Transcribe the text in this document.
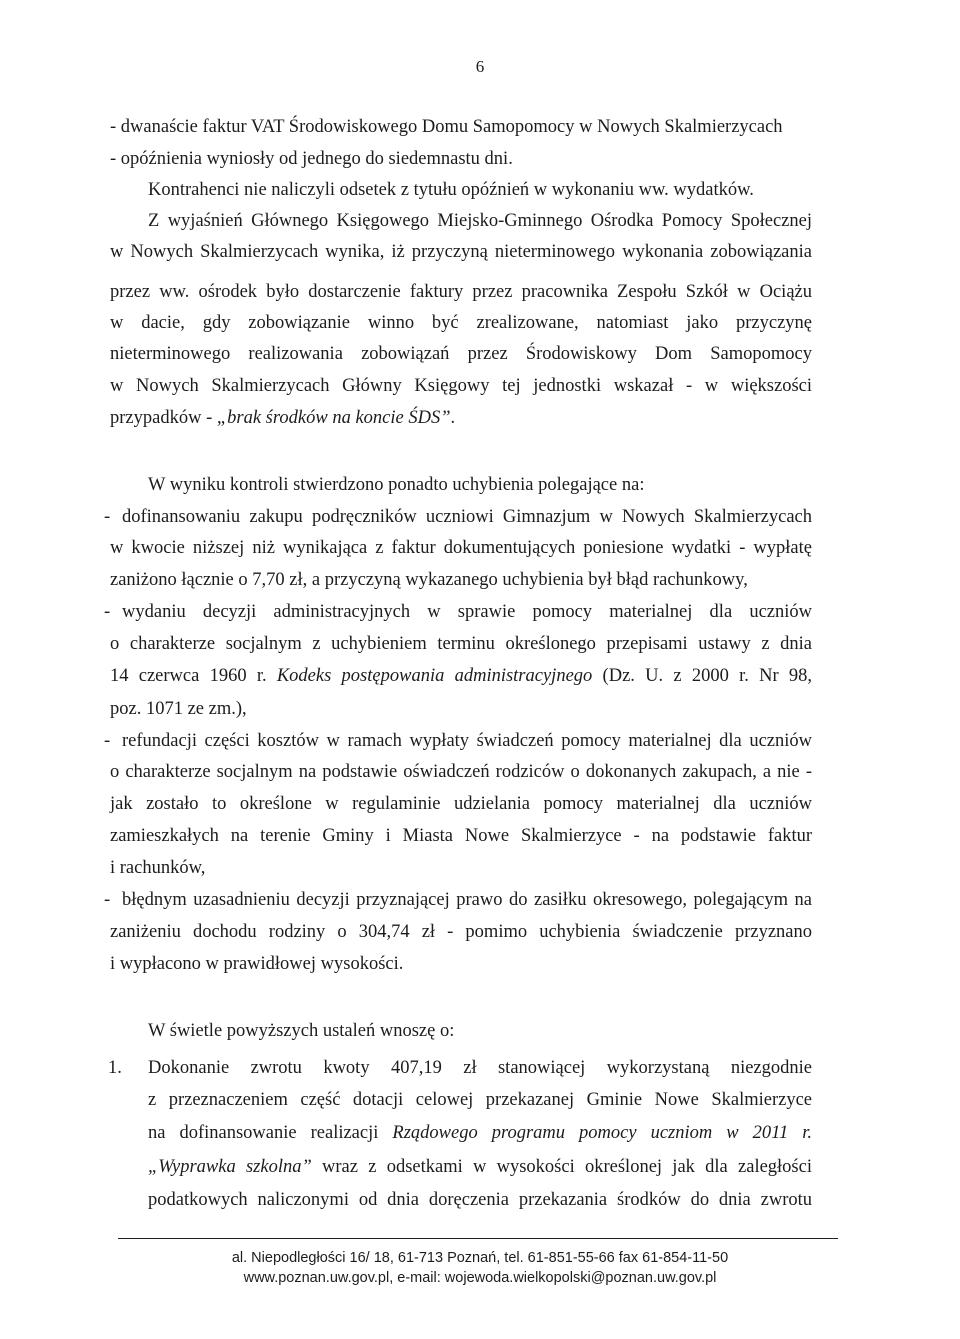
6
- dwanaście faktur VAT Środowiskowego Domu Samopomocy w Nowych Skalmierzycach
- opóźnienia wyniosły od jednego do siedemnastu dni.
Kontrahenci nie naliczyli odsetek z tytułu opóźnień w wykonaniu ww. wydatków.
Z wyjaśnień Głównego Księgowego Miejsko-Gminnego Ośrodka Pomocy Społecznej
w Nowych Skalmierzycach wynika, iż przyczyną nieterminowego wykonania zobowiązania
przez ww. ośrodek było dostarczenie faktury przez pracownika Zespołu Szkół w Ociążu
w dacie, gdy zobowiązanie winno być zrealizowane, natomiast jako przyczynę
nieterminowego realizowania zobowiązań przez Środowiskowy Dom Samopomocy
w Nowych Skalmierzycach Główny Księgowy tej jednostki wskazał - w większości
przypadków - „brak środków na koncie ŚDS”.
W wyniku kontroli stwierdzono ponadto uchybienia polegające na:
- dofinansowaniu zakupu podręczników uczniowi Gimnazjum w Nowych Skalmierzycach
w kwocie niższej niż wynikająca z faktur dokumentujących poniesione wydatki - wypłatę
zaniżono łącznie o 7,70 zł, a przyczyną wykazanego uchybienia był błąd rachunkowy,
- wydaniu decyzji administracyjnych w sprawie pomocy materialnej dla uczniów
o charakterze socjalnym z uchybieniem terminu określonego przepisami ustawy z dnia
14 czerwca 1960 r. Kodeks postępowania administracyjnego (Dz. U. z 2000 r. Nr 98,
poz. 1071 ze zm.),
- refundacji części kosztów w ramach wypłaty świadczeń pomocy materialnej dla uczniów
o charakterze socjalnym na podstawie oświadczeń rodziców o dokonanych zakupach, a nie -
jak zostało to określone w regulaminie udzielania pomocy materialnej dla uczniów
zamieszkałych na terenie Gminy i Miasta Nowe Skalmierzyce - na podstawie faktur
i rachunków,
- błędnym uzasadnieniu decyzji przyznającej prawo do zasiłku okresowego, polegającym na
zaniżeniu dochodu rodziny o 304,74 zł - pomimo uchybienia świadczenie przyznano
i wypłacono w prawidłowej wysokości.
W świetle powyższych ustaleń wnoszę o:
1. Dokonanie zwrotu kwoty 407,19 zł stanowiącej wykorzystaną niezgodnie
z przeznaczeniem część dotacji celowej przekazanej Gminie Nowe Skalmierzyce
na dofinansowanie realizacji Rządowego programu pomocy uczniom w 2011 r.
„Wyprawka szkolna” wraz z odsetkami w wysokości określonej jak dla zaległości
podatkowych naliczonymi od dnia doręczenia przekazania środków do dnia zwrotu
al. Niepodległości 16/ 18, 61-713 Poznań, tel. 61-851-55-66 fax 61-854-11-50
www.poznan.uw.gov.pl, e-mail: wojewoda.wielkopolski@poznan.uw.gov.pl
